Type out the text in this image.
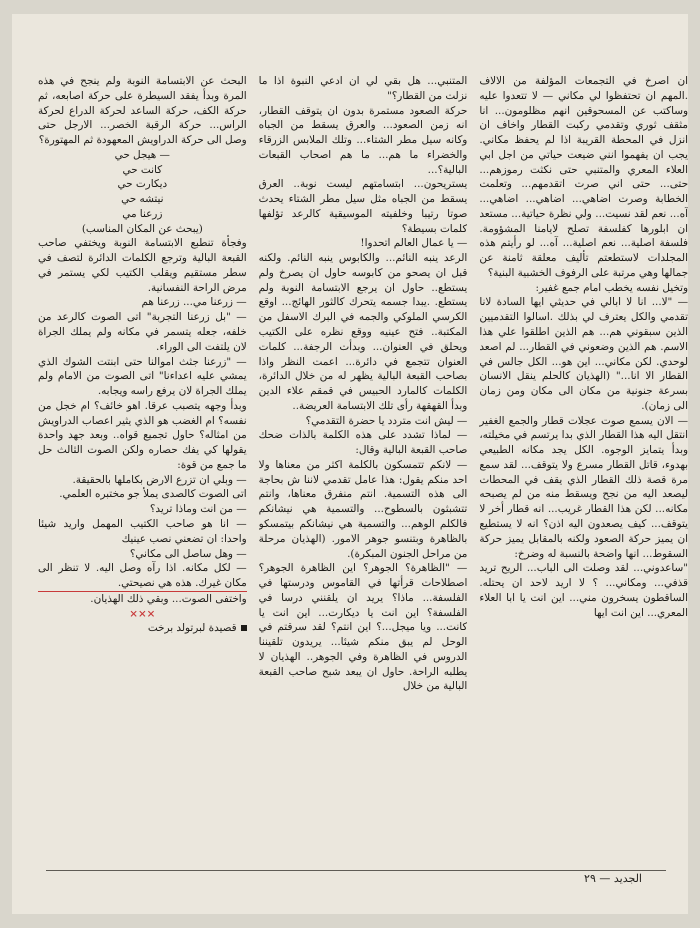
ان اصرخ في التجمعات المؤلفة من الالاف .المهم ان تحتفظوا لي مكاني — لا تتعدوا عليه وساكتب عن المسحوقين انهم مظلومون... انا مثقف ثوري وتقدمي ركبت القطار واخاف ان انزل في المحطة القريبة اذا لم يحفظ مكاني. يجب ان يفهموا انني ضيعت حياتي من اجل ابي العلاء المعري والمتنبي حتى نكثت رموزهم... حتى... حتى اني صرت اتقدمهم... وتعلمت الخطابة وصرت اضاهي... اضاهي... اضاهي... آه... نعم لقد نسيت... ولي نظرة حياتية... مستعد ان ابلورها كفلسفة تصلح لايامنا المشؤومة. فلسفة اصلية... نعم اصلية... آه... لو رأيتم هذه المجلدات لاستطعتم تأليف معلقة ثامنة عن جمالها وهي مرتبة على الرفوف الخشبية البنية؟

وتخيل نفسه يخطب امام جمع غفير:

— "لا... انا لا ابالي في حديثي ايها السادة لانا تقدمي والكل يعترف لي بذلك .اسالوا التقدميين الذين سبقوني هم... هم الذين اطلقوا علي هذا الاسم. هم الذين وضعوني في القطار... لم اصعد لوحدي. لكن مكاني... اين هو... الكل جالس في القطار الا انا..." (الهذيان كالحلم ينقل الانسان بسرعة جنونية من مكان الى مكان ومن زمان الى زمان).

— الان يسمع صوت عجلات قطار والجمع الغفير انتقل اليه هذا القطار الذي بدا يرتسم في مخيلته، وبدأ يتمايز الوجوه. الكل يجد مكانه الطبيعي بهدوء، قاتل القطار مسرع ولا يتوقف... لقد سمع مرة قصة ذلك القطار الذي يقف في المحطات ليصعد اليه من نجح ويسقط منه من لم يصبحه مكانه... لكن هذا القطار غريب... انه قطار أخر لا يتوقف... كيف يصعدون اليه اذن؟ انه لا يستطيع ان يميز حركة الصعود ولكنه بالمقابل يميز حركة السقوط... انها واضحة بالنسبة له وضرخ:

"ساعدوني... لقد وصلت الى الباب... الريح تريد قذفي... ومكاني... ؟ لا اريد لاحد ان يحتله. الساقطون يسخرون مني... اين انت يا ابا العلاء المعري... اين انت ايها

المتنبي... هل بقي لي ان ادعي النبوة اذا ما نزلت من القطار؟"

حركة الصعود مستمرة بدون ان يتوقف القطار، انه زمن الصعود... والعرق يسقط من الجباه وكانه سيل مطر الشتاء... وتلك الملابس الزرقاء والخضراء ما هم... ما هم اصحاب القبعات البالية؟...

يستريحون... ابتسامتهم ليست نوبة.. العرق يسقط من الجباه مثل سيل مطر الشتاء يحدث صوتا رتيبا وخلفيته الموسيقية كالرعد تؤلفها كلمات بسيطة؟

— يا عمال العالم اتحدوا!

الرعد ينبه النائم... والكابوس ينبه النائم. ولكنه قبل ان يصحو من كابوسه حاول ان يصرخ ولم يستطع.. حاول ان يرجع الابتسامة النوبة ولم يستطع. .يبدا جسمه يتحرك كالثور الهائج... اوقع الكرسي الملوكي والجمه في البرك الاسفل من المكتبة.. فتح عينيه ووقع نظره على الكتيب ويحلق في العنوان... وبدأت الرجفة... كلمات العنوان تتجمع في دائرة... اعمت النظر واذا بصاحب القبعة البالية يظهر له من خلال الدائرة، الكلمات كالمارد الحبيس في قمقم علاء الدين وبدأ القهقهة رأى تلك الابتسامة العريضة..

— ليش انت متردد يا حضرة التقدمي؟

— لماذا تشدد على هذه الكلمة بالذات ضحك صاحب القبعة البالية وقال:

— لانكم تتمسكون بالكلمة اكثر من معناها ولا احد منكم يقول: هذا عامل تقدمي لاننا ش بحاجة الى هذه التسمية. انتم منفرق معناها، وانتم تتشبثون بالسطوح... والتسمية هي نيشانكم فالكلم الوهم... والتسمية هي نيشانكم بيتمسكو بالظاهرة وبتنسو جوهر الامور. (الهذيان مرحلة من مراحل الجنون المبكرة).

— "الظاهرة؟ الجوهر؟ اين الظاهرة الجوهر؟ اصطلاحات قرأتها في القاموس ودرستها في الفلسفة... ماذا؟ يريد ان يلقنني درسا في الفلسفة؟ اين انت يا ديكارت... اين انت يا كانت... ويا ميجل...؟ اين انتم؟ لقد سرقتم في الوحل لم يبق منكم شيئا... يريدون تلقيننا الدروس في الظاهرة وفي الجوهر.. الهذيان لا يطلبه الراحة. حاول ان يبعد شبح صاحب القبعة البالية من خلال

البحث عن الابتسامة النوبة ولم ينجح في هذه المرة وبدأ يفقد السيطرة على حركة اصابعه، ثم حركة الكف، حركة الساعد لحركة الدراع لحركة الراس... حركة الرقبة الخصر... الارجل حتى وصل الى حركة الدراويش المعهودة ثم المهتورة؟

— هيجل حي

كانت حي

ديكارت حي

نيتشه حي

زرعنا مي

(يبحث عن المكان المناسب)

وفجأة تنطبع الابتسامة النوبة ويختفي صاحب القبعة البالية وترجع الكلمات الدائرة لتصف في سطر مستقيم ويقلب الكتيب لكي يستمر في مرض الراحة النفسانية.

— زرعنا مي... زرعنا هم

— "بل زرعنا التجربة" اتى الصوت كالرعد من خلفه، جعله يتسمر في مكانه ولم يملك الجراة لان يلتفت الى الوراء.

— "زرعنا جثث اموالنا حتى ابنتت الشوك الذي يمشي عليه اعداءنا" اتى الصوت من الامام ولم يملك الجراة لان يرفع راسه ويجابه.

وبدأ وجهه يتصبب عرقا. اهو خائف؟ ام خجل من نفسه؟ ام الغضب هو الذي يثير اعصاب الدراويش من امثاله؟ حاول تجميع قواه.. وبعد جهد واحدة يقولها كي يفك حصاره ولكن الصوت الثالث حل ما جمع من قوة:

— وبلي ان تزرع الارض بكاملها بالحقيقة.

اتى الصوت كالصدى يملأ جو مختبره العلمي.

— من انت وماذا تريد؟

— انا هو صاحب الكتيب المهمل واريد شيئا واحدا: ان تضعني نصب عينيك

— وهل ساصل الى مكاني؟

— لكل مكانه. اذا رآه وصل اليه. لا تنظر الى مكان غيرك. هذه هي نصيحتي.

واختفى الصوت... وبقي ذلك الهذيان.

×××

قصيدة لبرتولد برخت

الجديد — ٢٩
